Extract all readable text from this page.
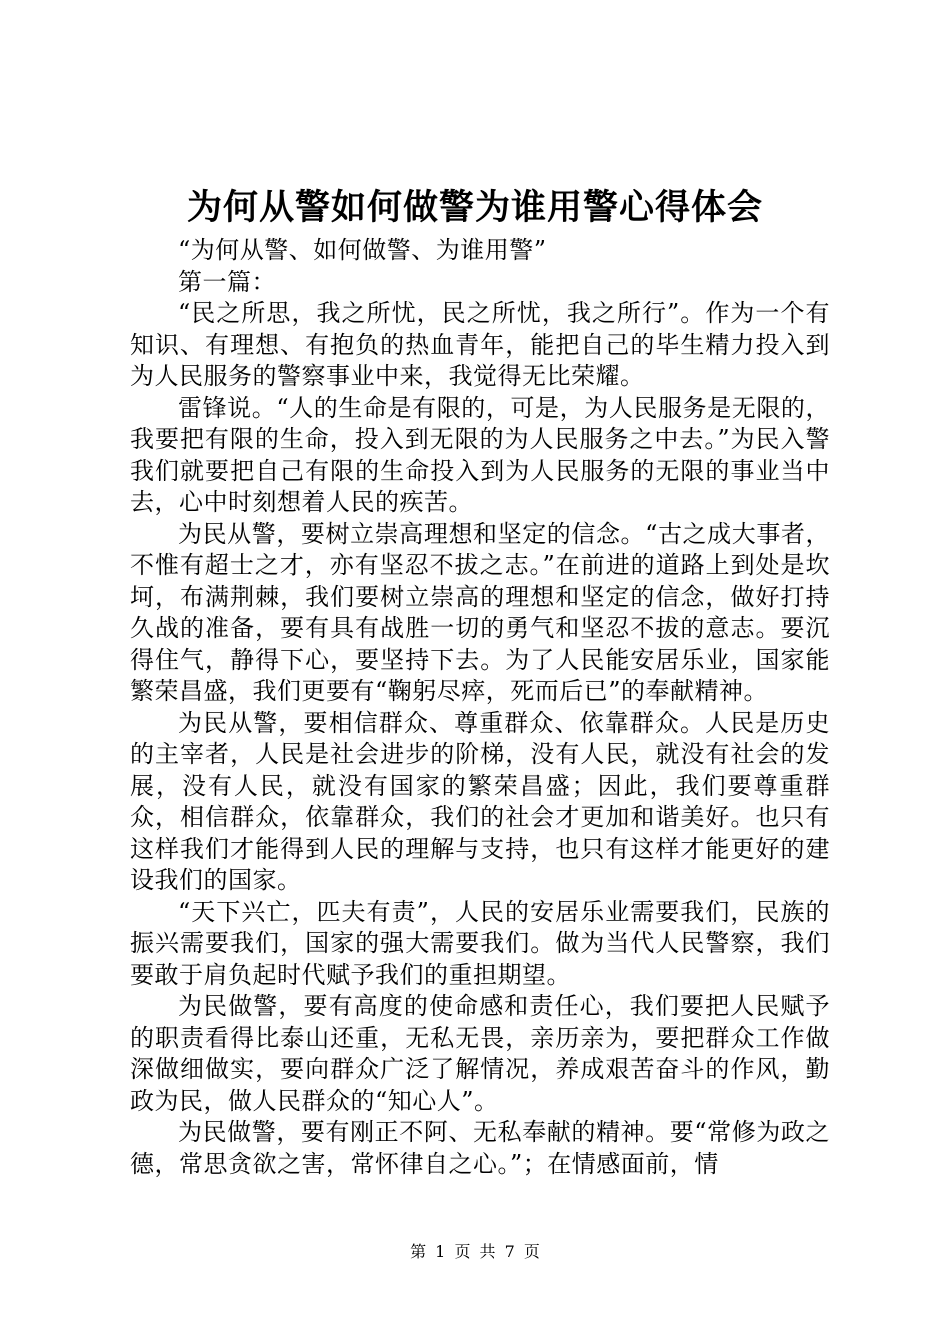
为何从警如何做警为谁用警心得体会

“为何从警、如何做警、为谁用警”

第一篇：

“民之所思，我之所忧，民之所忧，我之所行”。作为一个有知识、有理想、有抱负的热血青年，能把自己的毕生精力投入到为人民服务的警察事业中来，我觉得无比荣耀。

雷锋说。“人的生命是有限的，可是，为人民服务是无限的，我要把有限的生命，投入到无限的为人民服务之中去。”为民入警我们就要把自己有限的生命投入到为人民服务的无限的事业当中去，心中时刻想着人民的疾苦。

为民从警，要树立崇高理想和坚定的信念。“古之成大事者，不惟有超士之才，亦有坚忍不拔之志。”在前进的道路上到处是坎坷，布满荆棘，我们要树立崇高的理想和坚定的信念，做好打持久战的准备，要有具有战胜一切的勇气和坚忍不拔的意志。要沉得住气，静得下心，要坚持下去。为了人民能安居乐业，国家能繁荣昌盛，我们更要有“鞠躬尽瘁，死而后已”的奉献精神。

为民从警，要相信群众、尊重群众、依靠群众。人民是历史的主宰者，人民是社会进步的阶梯，没有人民，就没有社会的发展，没有人民，就没有国家的繁荣昌盛；因此，我们要尊重群众，相信群众，依靠群众，我们的社会才更加和谐美好。也只有这样我们才能得到人民的理解与支持，也只有这样才能更好的建设我们的国家。

“天下兴亡，匹夫有责”，人民的安居乐业需要我们，民族的振兴需要我们，国家的强大需要我们。做为当代人民警察，我们要敢于肩负起时代赋予我们的重担期望。

为民做警，要有高度的使命感和责任心，我们要把人民赋予的职责看得比泰山还重，无私无畏，亲历亲为，要把群众工作做深做细做实，要向群众广泛了解情况，养成艰苦奋斗的作风，勤政为民，做人民群众的“知心人”。

为民做警，要有刚正不阿、无私奉献的精神。要“常修为政之德，常思贪欲之害，常怀律自之心。”；在情感面前，情

第 1 页 共 7 页
